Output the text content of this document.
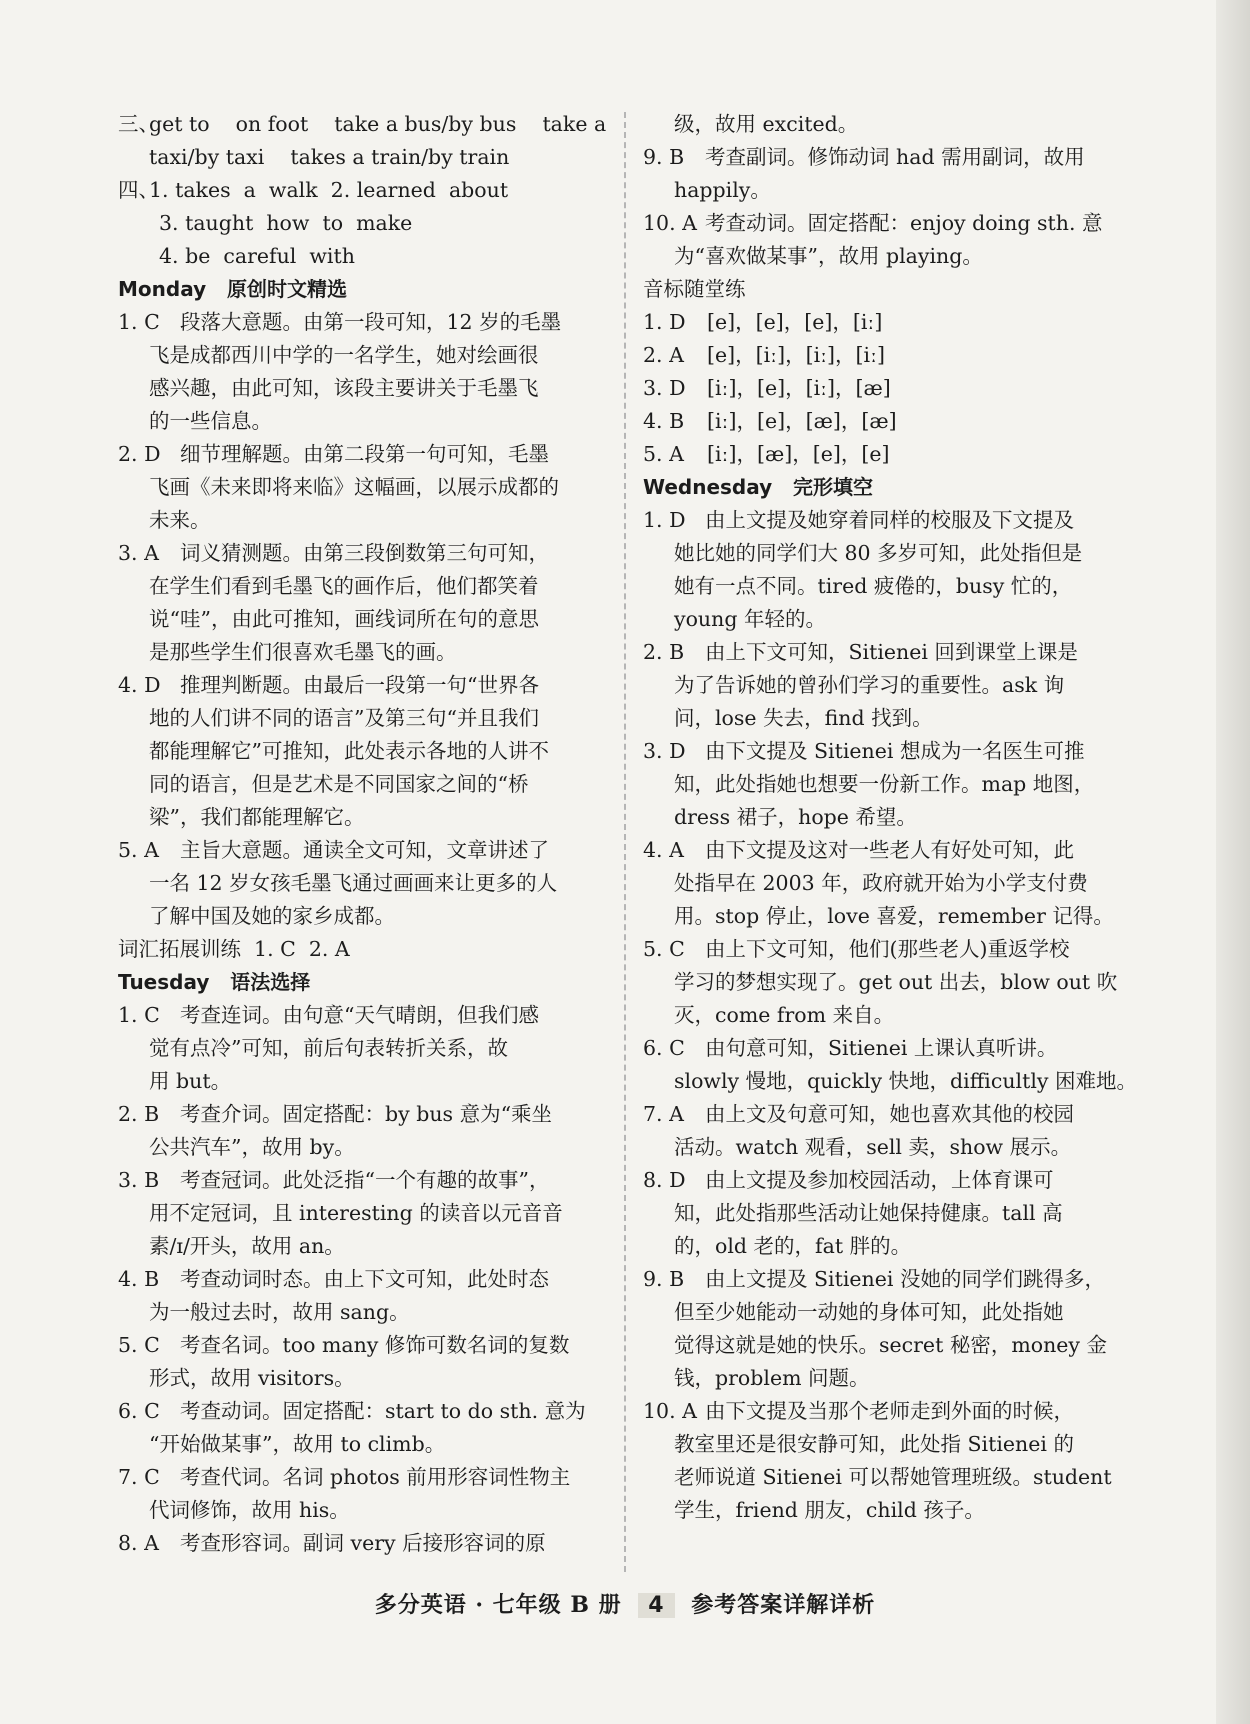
三、
get to    on foot    take a bus/by bus    take a
taxi/by taxi    takes a train/by train
四、
1. takes  a  walk  2. learned  about
3. taught  how  to  make
4. be  careful  with
Monday   原创时文精选
1. C 段落大意题。由第一段可知，12 岁的毛墨
飞是成都西川中学的一名学生，她对绘画很
感兴趣，由此可知，该段主要讲关于毛墨飞
的一些信息。
2. D 细节理解题。由第二段第一句可知，毛墨
飞画《未来即将来临》这幅画，以展示成都的
未来。
3. A 词义猜测题。由第三段倒数第三句可知，
在学生们看到毛墨飞的画作后，他们都笑着
说“哇”，由此可推知，画线词所在句的意思
是那些学生们很喜欢毛墨飞的画。
4. D 推理判断题。由最后一段第一句“世界各
地的人们讲不同的语言”及第三句“并且我们
都能理解它”可推知，此处表示各地的人讲不
同的语言，但是艺术是不同国家之间的“桥
梁”，我们都能理解它。
5. A 主旨大意题。通读全文可知，文章讲述了
一名 12 岁女孩毛墨飞通过画画来让更多的人
了解中国及她的家乡成都。
词汇拓展训练  1. C  2. A
Tuesday   语法选择
1. C 考查连词。由句意“天气晴朗，但我们感
觉有点冷”可知，前后句表转折关系，故
用 but。
2. B 考查介词。固定搭配：by bus 意为“乘坐
公共汽车”，故用 by。
3. B 考查冠词。此处泛指“一个有趣的故事”，
用不定冠词，且 interesting 的读音以元音音
素/ɪ/开头，故用 an。
4. B 考查动词时态。由上下文可知，此处时态
为一般过去时，故用 sang。
5. C 考查名词。too many 修饰可数名词的复数
形式，故用 visitors。
6. C 考查动词。固定搭配：start to do sth. 意为
“开始做某事”，故用 to climb。
7. C 考查代词。名词 photos 前用形容词性物主
代词修饰，故用 his。
8. A 考查形容词。副词 very 后接形容词的原
级，故用 excited。
9. B 考查副词。修饰动词 had 需用副词，故用
happily。
10. A 考查动词。固定搭配：enjoy doing sth. 意
为“喜欢做某事”，故用 playing。
音标随堂练
1. D [e]，[e]，[e]，[iː]
2. A [e]，[iː]，[iː]，[iː]
3. D [iː]，[e]，[iː]，[æ]
4. B [iː]，[e]，[æ]，[æ]
5. A [iː]，[æ]，[e]，[e]
Wednesday   完形填空
1. D 由上文提及她穿着同样的校服及下文提及
她比她的同学们大 80 多岁可知，此处指但是
她有一点不同。tired 疲倦的，busy 忙的，
young 年轻的。
2. B 由上下文可知，Sitienei 回到课堂上课是
为了告诉她的曾孙们学习的重要性。ask 询
问，lose 失去，find 找到。
3. D 由下文提及 Sitienei 想成为一名医生可推
知，此处指她也想要一份新工作。map 地图，
dress 裙子，hope 希望。
4. A 由下文提及这对一些老人有好处可知，此
处指早在 2003 年，政府就开始为小学支付费
用。stop 停止，love 喜爱，remember 记得。
5. C 由上下文可知，他们(那些老人)重返学校
学习的梦想实现了。get out 出去，blow out 吹
灭，come from 来自。
6. C 由句意可知，Sitienei 上课认真听讲。
slowly 慢地，quickly 快地，difficultly 困难地。
7. A 由上文及句意可知，她也喜欢其他的校园
活动。watch 观看，sell 卖，show 展示。
8. D 由上文提及参加校园活动，上体育课可
知，此处指那些活动让她保持健康。tall 高
的，old 老的，fat 胖的。
9. B 由上文提及 Sitienei 没她的同学们跳得多，
但至少她能动一动她的身体可知，此处指她
觉得这就是她的快乐。secret 秘密，money 金
钱，problem 问题。
10. A 由下文提及当那个老师走到外面的时候，
教室里还是很安静可知，此处指 Sitienei 的
老师说道 Sitienei 可以帮她管理班级。student
学生，friend 朋友，child 孩子。
多分英语 · 七年级 B 册 4 参考答案详解详析
